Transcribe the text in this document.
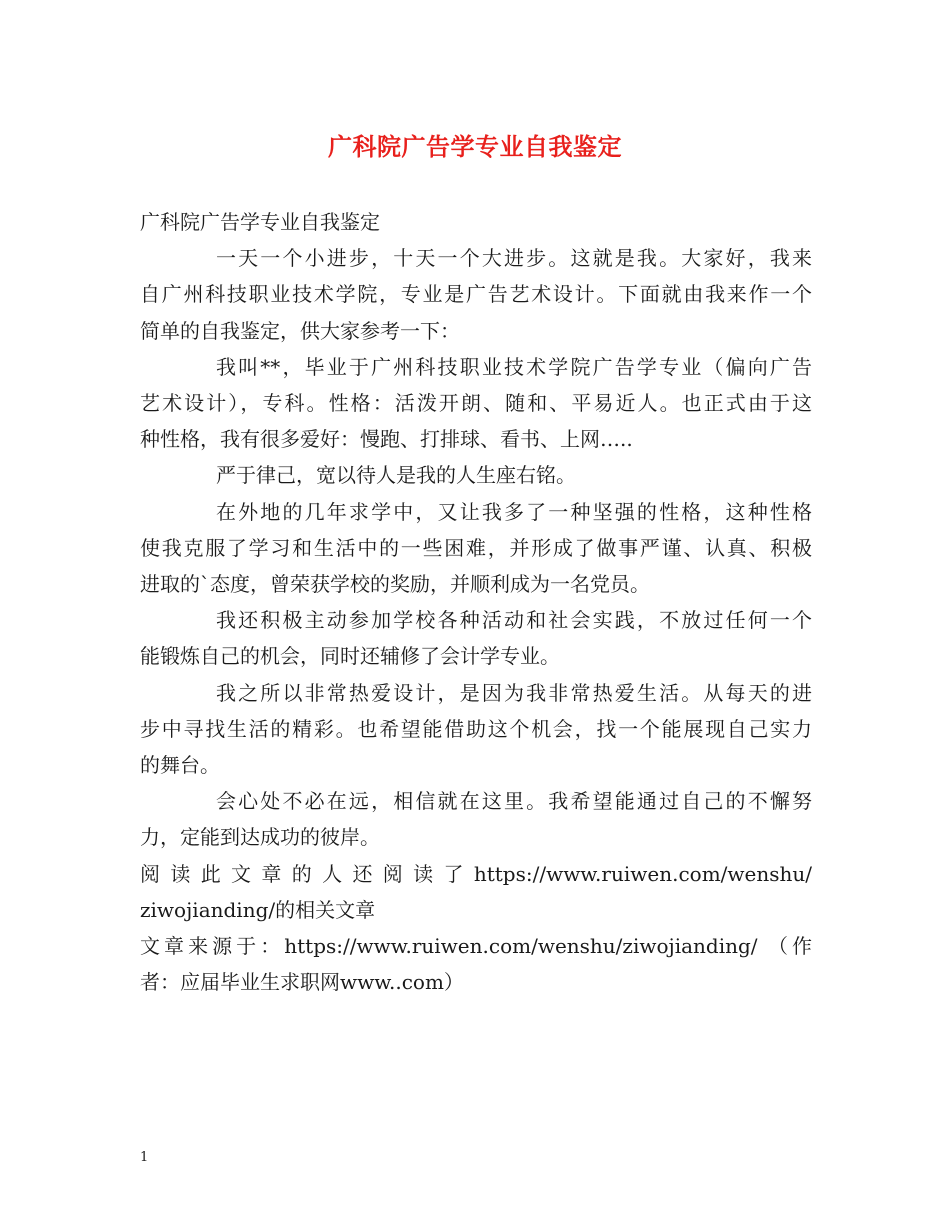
广科院广告学专业自我鉴定
广科院广告学专业自我鉴定
一天一个小进步，十天一个大进步。这就是我。大家好，我来
自广州科技职业技术学院，专业是广告艺术设计。下面就由我来作一个
简单的自我鉴定，供大家参考一下：
我叫**，毕业于广州科技职业技术学院广告学专业（偏向广告
艺术设计），专科。性格：活泼开朗、随和、平易近人。也正式由于这
种性格，我有很多爱好：慢跑、打排球、看书、上网…..
严于律己，宽以待人是我的人生座右铭。
在外地的几年求学中，又让我多了一种坚强的性格，这种性格
使我克服了学习和生活中的一些困难，并形成了做事严谨、认真、积极
进取的`态度，曾荣获学校的奖励，并顺利成为一名党员。
我还积极主动参加学校各种活动和社会实践，不放过任何一个
能锻炼自己的机会，同时还辅修了会计学专业。
我之所以非常热爱设计，是因为我非常热爱生活。从每天的进
步中寻找生活的精彩。也希望能借助这个机会，找一个能展现自己实力
的舞台。
会心处不必在远，相信就在这里。我希望能通过自己的不懈努
力，定能到达成功的彼岸。
阅 读 此 文 章 的 人 还 阅 读 了 https://www.ruiwen.com/wenshu/
ziwojianding/的相关文章
文章来源于：https://www.ruiwen.com/wenshu/ziwojianding/ （作
者：应届毕业生求职网www..com）
1
